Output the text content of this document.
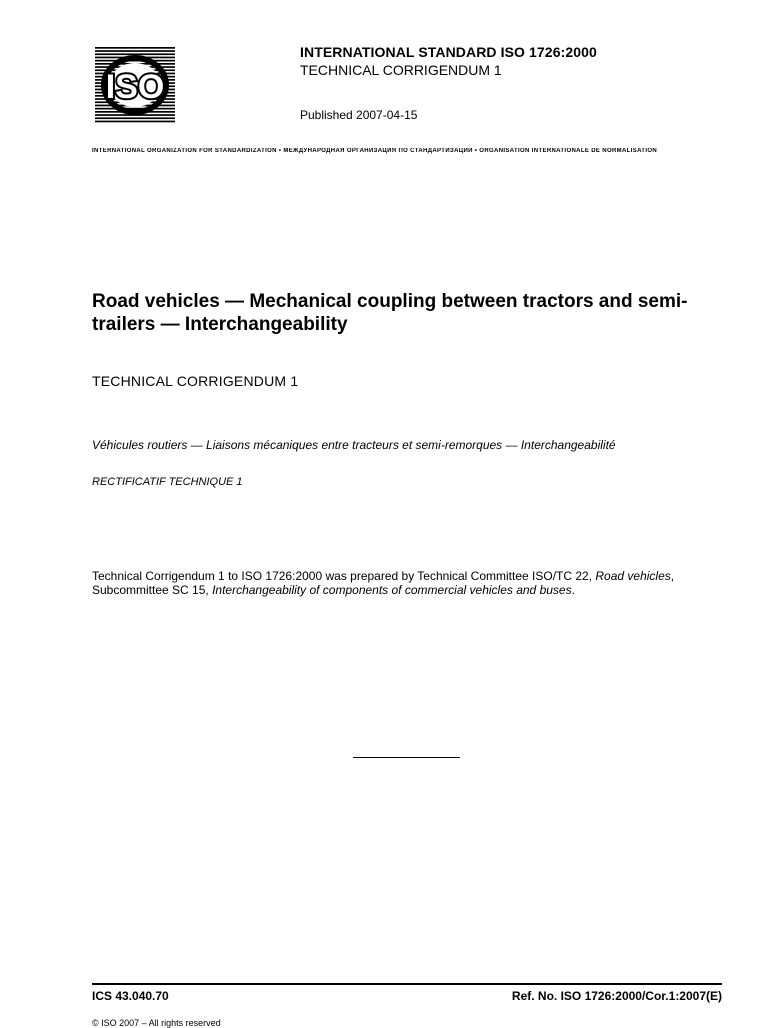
ISO
INTERNATIONAL STANDARD ISO 1726:2000
TECHNICAL CORRIGENDUM 1
Published 2007-04-15
INTERNATIONAL ORGANIZATION FOR STANDARDIZATION • МЕЖДУНАРОДНАЯ ОРГАНИЗАЦИЯ ПО СТАНДАРТИЗАЦИИ • ORGANISATION INTERNATIONALE DE NORMALISATION
Road vehicles — Mechanical coupling between tractors and semi-trailers — Interchangeability
TECHNICAL CORRIGENDUM 1
Véhicules routiers — Liaisons mécaniques entre tracteurs et semi-remorques — Interchangeabilité
RECTIFICATIF TECHNIQUE 1
Technical Corrigendum 1 to ISO 1726:2000 was prepared by Technical Committee ISO/TC 22, Road vehicles, Subcommittee SC 15, Interchangeability of components of commercial vehicles and buses.
ICS 43.040.70	Ref. No. ISO 1726:2000/Cor.1:2007(E)
© ISO 2007 – All rights reserved
